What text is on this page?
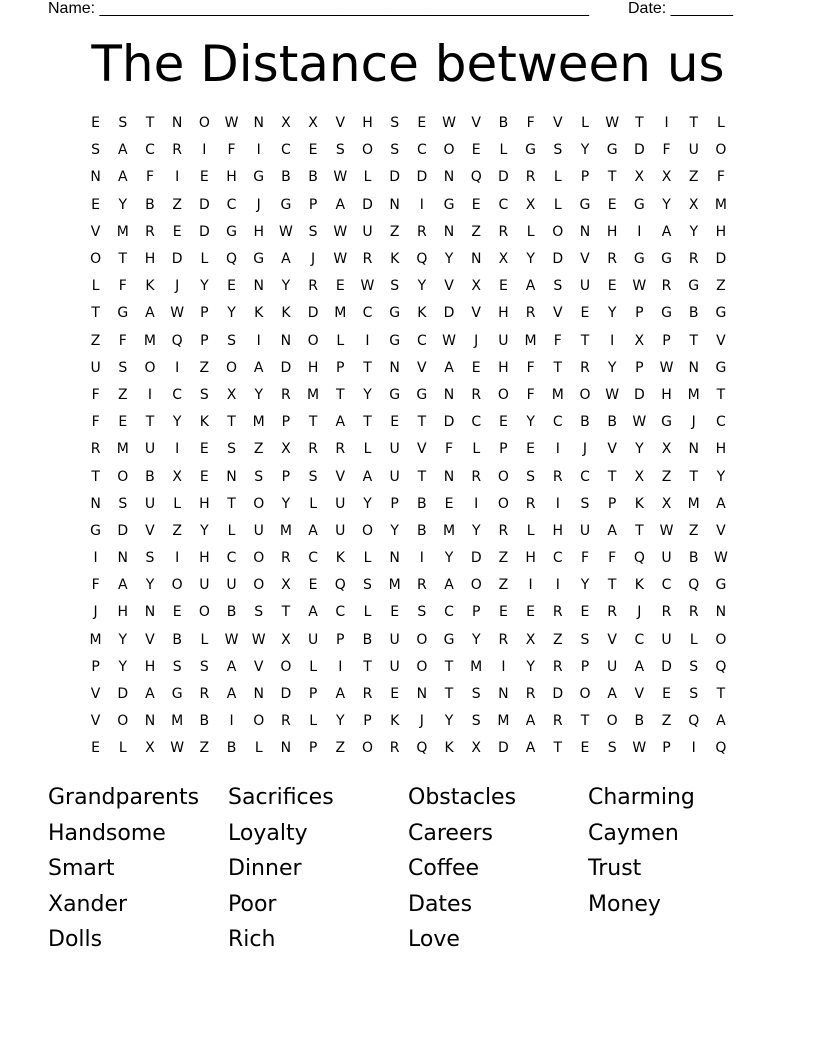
Name: _______________________________________________________ Date: _______
The Distance between us
E	S	T	N	O	W	N	X	X	V	H	S	E	W	V	B	F	V	L	W	T	I	T	L
S	A	C	R	I	F	I	C	E	S	O	S	C	O	E	L	G	S	Y	G	D	F	U	O
N	A	F	I	E	H	G	B	B	W	L	D	D	N	Q	D	R	L	P	T	X	X	Z	F
E	Y	B	Z	D	C	J	G	P	A	D	N	I	G	E	C	X	L	G	E	G	Y	X	M
V	M	R	E	D	G	H	W	S	W	U	Z	R	N	Z	R	L	O	N	H	I	A	Y	H
O	T	H	D	L	Q	G	A	J	W	R	K	Q	Y	N	X	Y	D	V	R	G	G	R	D
L	F	K	J	Y	E	N	Y	R	E	W	S	Y	V	X	E	A	S	U	E	W	R	G	Z
T	G	A	W	P	Y	K	K	D	M	C	G	K	D	V	H	R	V	E	Y	P	G	B	G
Z	F	M	Q	P	S	I	N	O	L	I	G	C	W	J	U	M	F	T	I	X	P	T	V
U	S	O	I	Z	O	A	D	H	P	T	N	V	A	E	H	F	T	R	Y	P	W	N	G
F	Z	I	C	S	X	Y	R	M	T	Y	G	G	N	R	O	F	M	O	W	D	H	M	T
F	E	T	Y	K	T	M	P	T	A	T	E	T	D	C	E	Y	C	B	B	W	G	J	C
R	M	U	I	E	S	Z	X	R	R	L	U	V	F	L	P	E	I	J	V	Y	X	N	H
T	O	B	X	E	N	S	P	S	V	A	U	T	N	R	O	S	R	C	T	X	Z	T	Y
N	S	U	L	H	T	O	Y	L	U	Y	P	B	E	I	O	R	I	S	P	K	X	M	A
G	D	V	Z	Y	L	U	M	A	U	O	Y	B	M	Y	R	L	H	U	A	T	W	Z	V
I	N	S	I	H	C	O	R	C	K	L	N	I	Y	D	Z	H	C	F	F	Q	U	B	W
F	A	Y	O	U	U	O	X	E	Q	S	M	R	A	O	Z	I	I	Y	T	K	C	Q	G
J	H	N	E	O	B	S	T	A	C	L	E	S	C	P	E	E	R	E	R	J	R	R	N
M	Y	V	B	L	W W	X	U	P	B	U	O	G	Y	R	X	Z	S	V	C	U	L	O
P	Y	H	S	S	A	V	O	L	I	T	U	O	T	M	I	Y	R	P	U	A	D	S	Q
V	D	A	G	R	A	N	D	P	A	R	E	N	T	S	N	R	D	O	A	V	E	S	T
V	O	N	M	B	I	O	R	L	Y	P	K	J	Y	S	M	A	R	T	O	B	Z	Q	A
E	L	X	W	Z	B	L	N	P	Z	O	R	Q	K	X	D	A	T	E	S	W	P	I	Q
Grandparents
Handsome
Smart
Xander
Dolls
Sacrifices
Loyalty
Dinner
Poor
Rich
Obstacles
Careers
Coffee
Dates
Love
Charming
Caymen
Trust
Money
